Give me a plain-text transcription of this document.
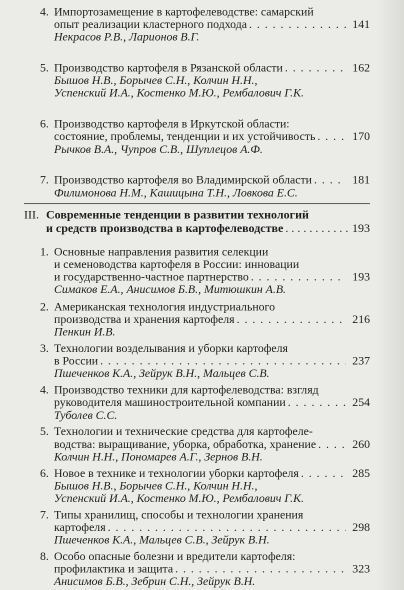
4. Импортозамещение в картофелеводстве: самарский
опыт реализации кластерного подхода . . .	141
Некрасов Р.В., Ларионов В.Г.
5. Производство картофеля в Рязанской области . . .	162
Бышов Н.В., Борычев С.Н., Колчин Н.Н.,
Успенский И.А., Костенко М.Ю., Рембалович Г.К.
6. Производство картофеля в Иркутской области:
состояние, проблемы, тенденции и их устойчивость . . .	170
Рычков В.А., Чупров С.В., Шуплецов А.Ф.
7. Производство картофеля во Владимирской области . . .	181
Филимонова Н.М., Кашицына Т.Н., Ловкова Е.С.
III. Современные тенденции в развитии технологий
и средств производства в картофелеводстве . . .	193
1. Основные направления развития селекции
и семеноводства картофеля в России: инновации
и государственно-частное партнерство . . .	193
Симаков Е.А., Анисимов Б.В., Митюшкин А.В.
2. Американская технология индустриального
производства и хранения картофеля . . .	216
Пенкин И.В.
3. Технологии возделывания и уборки картофеля
в России . . .	237
Пшеченков К.А., Зейрук В.Н., Мальцев С.В.
4. Производство техники для картофелеводства: взгляд
руководителя машиностроительной компании . . .	254
Туболев С.С.
5. Технологии и технические средства для картофеле-
водства: выращивание, уборка, обработка, хранение . . .	260
Колчин Н.Н., Пономарев А.Г., Зернов В.Н.
6. Новое в технике и технологии уборки картофеля . . .	285
Бышов Н.В., Борычев С.Н., Колчин Н.Н.,
Успенский И.А., Костенко М.Ю., Рембалович Г.К.
7. Типы хранилищ, способы и технологии хранения
картофеля . . .	298
Пшеченков К.А., Мальцев С.В., Зейрук В.Н.
8. Особо опасные болезни и вредители картофеля:
профилактика и защита . . .	323
Анисимов Б.В., Зебрин С.Н., Зейрук В.Н.
